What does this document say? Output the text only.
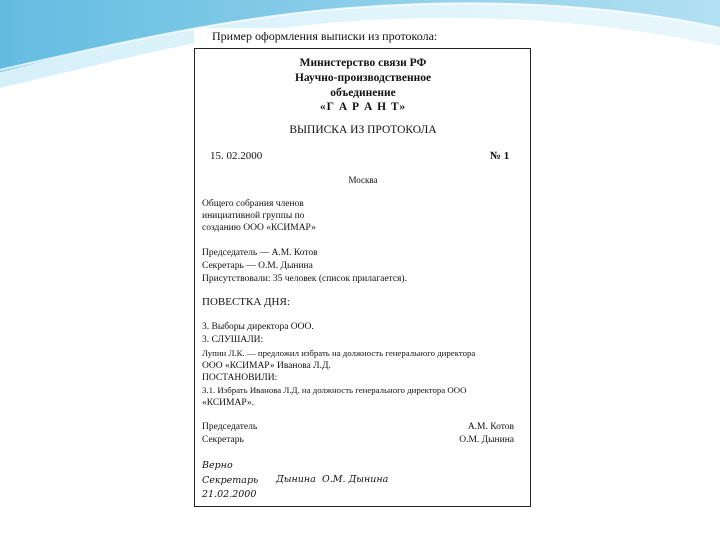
Пример оформления выписки из протокола:
Министерство связи РФ
Научно-производственное
объединение
«Г А Р А Н Т»
ВЫПИСКА ИЗ ПРОТОКОЛА
15. 02.2000	№ 1
Москва
Общего собрания членов
инициативной группы по
созданию ООО «КСИМАР»
Председатель — А.М. Котов
Секретарь — О.М. Дынина
Присутствовали: 35 человек (список прилагается).
ПОВЕСТКА ДНЯ:
3. Выборы директора ООО.
3. СЛУШАЛИ:
Лупин Л.К. — предложил избрать на должность генерального директора
ООО «КСИМАР» Иванова Л.Д.
ПОСТАНОВИЛИ:
3.1. Избрать Иванова Л.Д. на должность генерального директора ООО
«КСИМАР».
Председатель	А.М. Котов
Секретарь	О.М. Дынина
Верно
Секретарь Дынина О.М. Дынина
21.02.2000
